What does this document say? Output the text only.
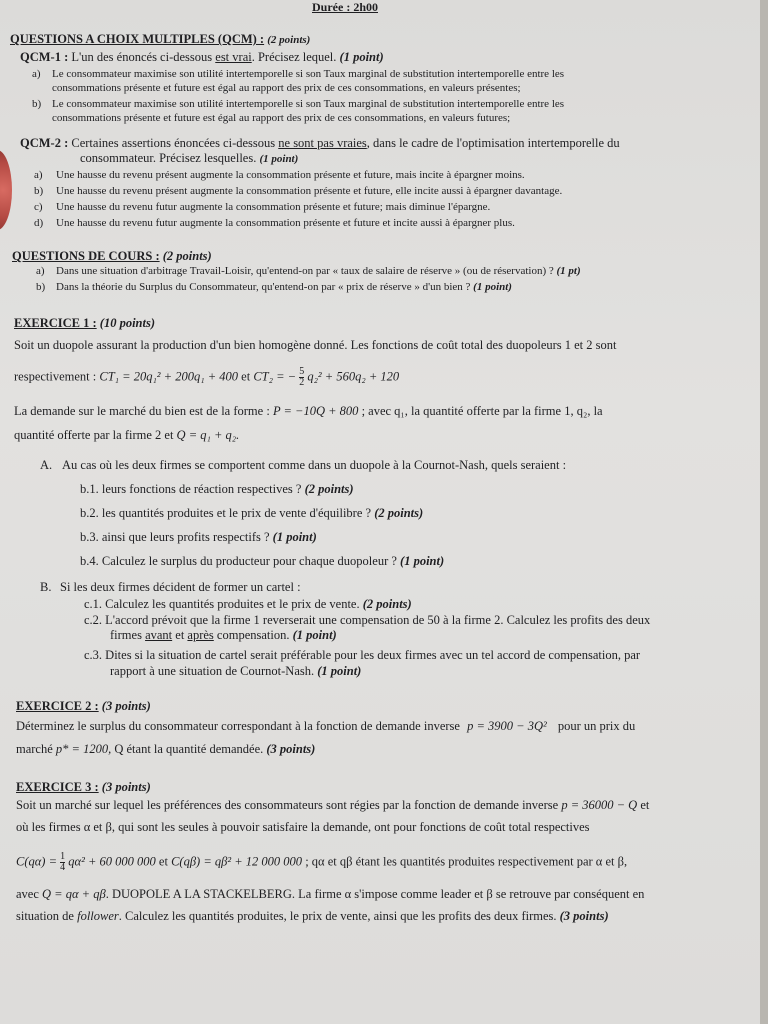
Durée : 2h00
QUESTIONS A CHOIX MULTIPLES (QCM) : (2 points)
QCM-1 : L'un des énoncés ci-dessous est vrai. Précisez lequel. (1 point)
a) Le consommateur maximise son utilité intertemporelle si son Taux marginal de substitution intertemporelle entre les
consommations présente et future est égal au rapport des prix de ces consommations, en valeurs présentes;
b) Le consommateur maximise son utilité intertemporelle si son Taux marginal de substitution intertemporelle entre les
consommations présente et future est égal au rapport des prix de ces consommations, en valeurs futures;
QCM-2 : Certaines assertions énoncées ci-dessous ne sont pas vraies, dans le cadre de l'optimisation intertemporelle du
consommateur. Précisez lesquelles. (1 point)
a) Une hausse du revenu présent augmente la consommation présente et future, mais incite à épargner moins.
b) Une hausse du revenu présent augmente la consommation présente et future, elle incite aussi à épargner davantage.
c) Une hausse du revenu futur augmente la consommation présente et future; mais diminue l'épargne.
d) Une hausse du revenu futur augmente la consommation présente et future et incite aussi à épargner plus.
QUESTIONS DE COURS : (2 points)
a) Dans une situation d'arbitrage Travail-Loisir, qu'entend-on par « taux de salaire de réserve » (ou de réservation) ? (1 pt)
b) Dans la théorie du Surplus du Consommateur, qu'entend-on par « prix de réserve » d'un bien ? (1 point)
EXERCICE 1 : (10 points)
Soit un duopole assurant la production d'un bien homogène donné. Les fonctions de coût total des duopoleurs 1 et 2 sont
respectivement : CT₁ = 20q₁² + 200q₁ + 400 et CT₂ = − $\frac{5}{2} q_2^2 + 560q_2 + 120$
La demande sur le marché du bien est de la forme : P = −10Q + 800 ; avec q₁, la quantité offerte par la firme 1, q₂, la
quantité offerte par la firme 2 et Q = q₁ + q₂.
A. Au cas où les deux firmes se comportent comme dans un duopole à la Cournot-Nash, quels seraient :
b.1. leurs fonctions de réaction respectives ? (2 points)
b.2. les quantités produites et le prix de vente d'équilibre ? (2 points)
b.3. ainsi que leurs profits respectifs ? (1 point)
b.4. Calculez le surplus du producteur pour chaque duopoleur ? (1 point)
B. Si les deux firmes décident de former un cartel :
c.1. Calculez les quantités produites et le prix de vente. (2 points)
c.2. L'accord prévoit que la firme 1 reverserait une compensation de 50 à la firme 2. Calculez les profits des deux
firmes avant et après compensation. (1 point)
c.3. Dites si la situation de cartel serait préférable pour les deux firmes avec un tel accord de compensation, par
rapport à une situation de Cournot-Nash. (1 point)
EXERCICE 2 : (3 points)
Déterminez le surplus du consommateur correspondant à la fonction de demande inverse p = 3900 − 3Q² pour un prix du
marché p* = 1200, Q étant la quantité demandée. (3 points)
EXERCICE 3 : (3 points)
Soit un marché sur lequel les préférences des consommateurs sont régies par la fonction de demande inverse p = 36000 − Q et
où les firmes α et β, qui sont les seules à pouvoir satisfaire la demande, ont pour fonctions de coût total respectives
$C(q\alpha) = \frac{1}{4} q\alpha^2 + 60$ 000 000 et C(qβ) = qβ² + 12 000 000 ; qα et qβ étant les quantités produites respectivement par α et β,
avec Q = qα + qβ. DUOPOLE A LA STACKELBERG. La firme α s'impose comme leader et β se retrouve par conséquent en
situation de follower. Calculez les quantités produites, le prix de vente, ainsi que les profits des deux firmes. (3 points)
